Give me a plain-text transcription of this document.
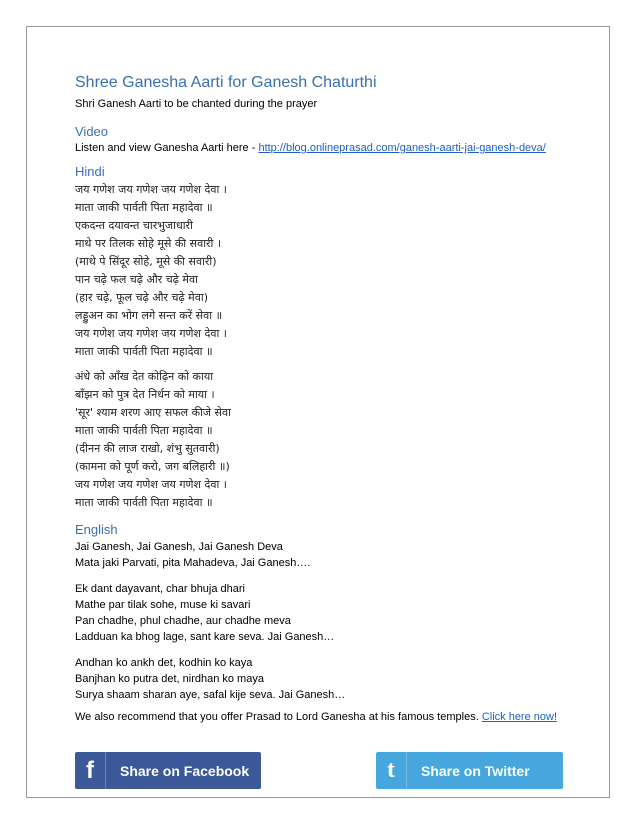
Shree Ganesha Aarti for Ganesh Chaturthi
Shri Ganesh Aarti to be chanted during the prayer
Video
Listen and view Ganesha Aarti here - http://blog.onlineprasad.com/ganesh-aarti-jai-ganesh-deva/
Hindi
जय गणेश जय गणेश जय गणेश देवा ।
माता जाकी पार्वती पिता महादेवा ॥
एकदन्त दयावन्त चारभुजाधारी
माथे पर तिलक सोहे मूसे की सवारी ।
(माथे पे सिंदूर सोहे, मूसे की सवारी)
पान चढ़े फल चढ़े और चढ़े मेवा
(हार चढ़े, फूल चढ़े और चढ़े मेवा)
लड्डुअन का भोग लगे सन्त करें सेवा ॥
जय गणेश जय गणेश जय गणेश देवा ।
माता जाकी पार्वती पिता महादेवा ॥
अंधे को आँख देत कोढ़िन को काया
बाँझन को पुत्र देत निर्धन को माया ।
'सूर' श्याम शरण आए सफल कीजे सेवा
माता जाकी पार्वती पिता महादेवा ॥
(दीनन की लाज राखो, शंभु सुतवारी)
(कामना को पूर्ण करो, जग बलिहारी ॥)
जय गणेश जय गणेश जय गणेश देवा ।
माता जाकी पार्वती पिता महादेवा ॥
English
Jai Ganesh, Jai Ganesh, Jai Ganesh Deva
Mata jaki Parvati, pita Mahadeva, Jai Ganesh….
Ek dant dayavant, char bhuja dhari
Mathe par tilak sohe, muse ki savari
Pan chadhe, phul chadhe, aur chadhe meva
Ladduan ka bhog lage, sant kare seva. Jai Ganesh…
Andhan ko ankh det, kodhin ko kaya
Banjhan ko putra det, nirdhan ko maya
Surya shaam sharan aye, safal kije seva. Jai Ganesh…
We also recommend that you offer Prasad to Lord Ganesha at his famous temples. Click here now!
f	Share on Facebook	t	Share on Twitter
